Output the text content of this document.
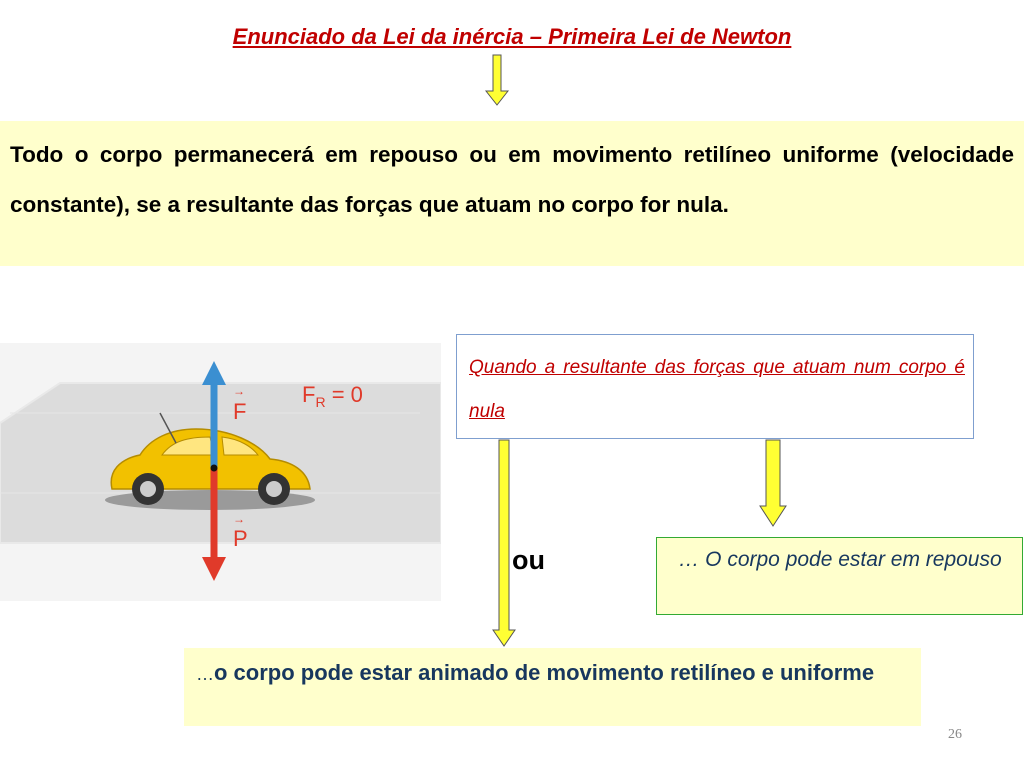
Enunciado da Lei da inércia – Primeira Lei de Newton
Todo o corpo permanecerá em repouso ou em movimento retilíneo uniforme (velocidade constante), se a resultante das forças que atuam no corpo for nula.
F
→
P
→
$F_R = 0$
Quando a resultante das forças que atuam num corpo é nula
ou	… O corpo pode estar em repouso
…o corpo pode estar animado de movimento retilíneo e uniforme
26
